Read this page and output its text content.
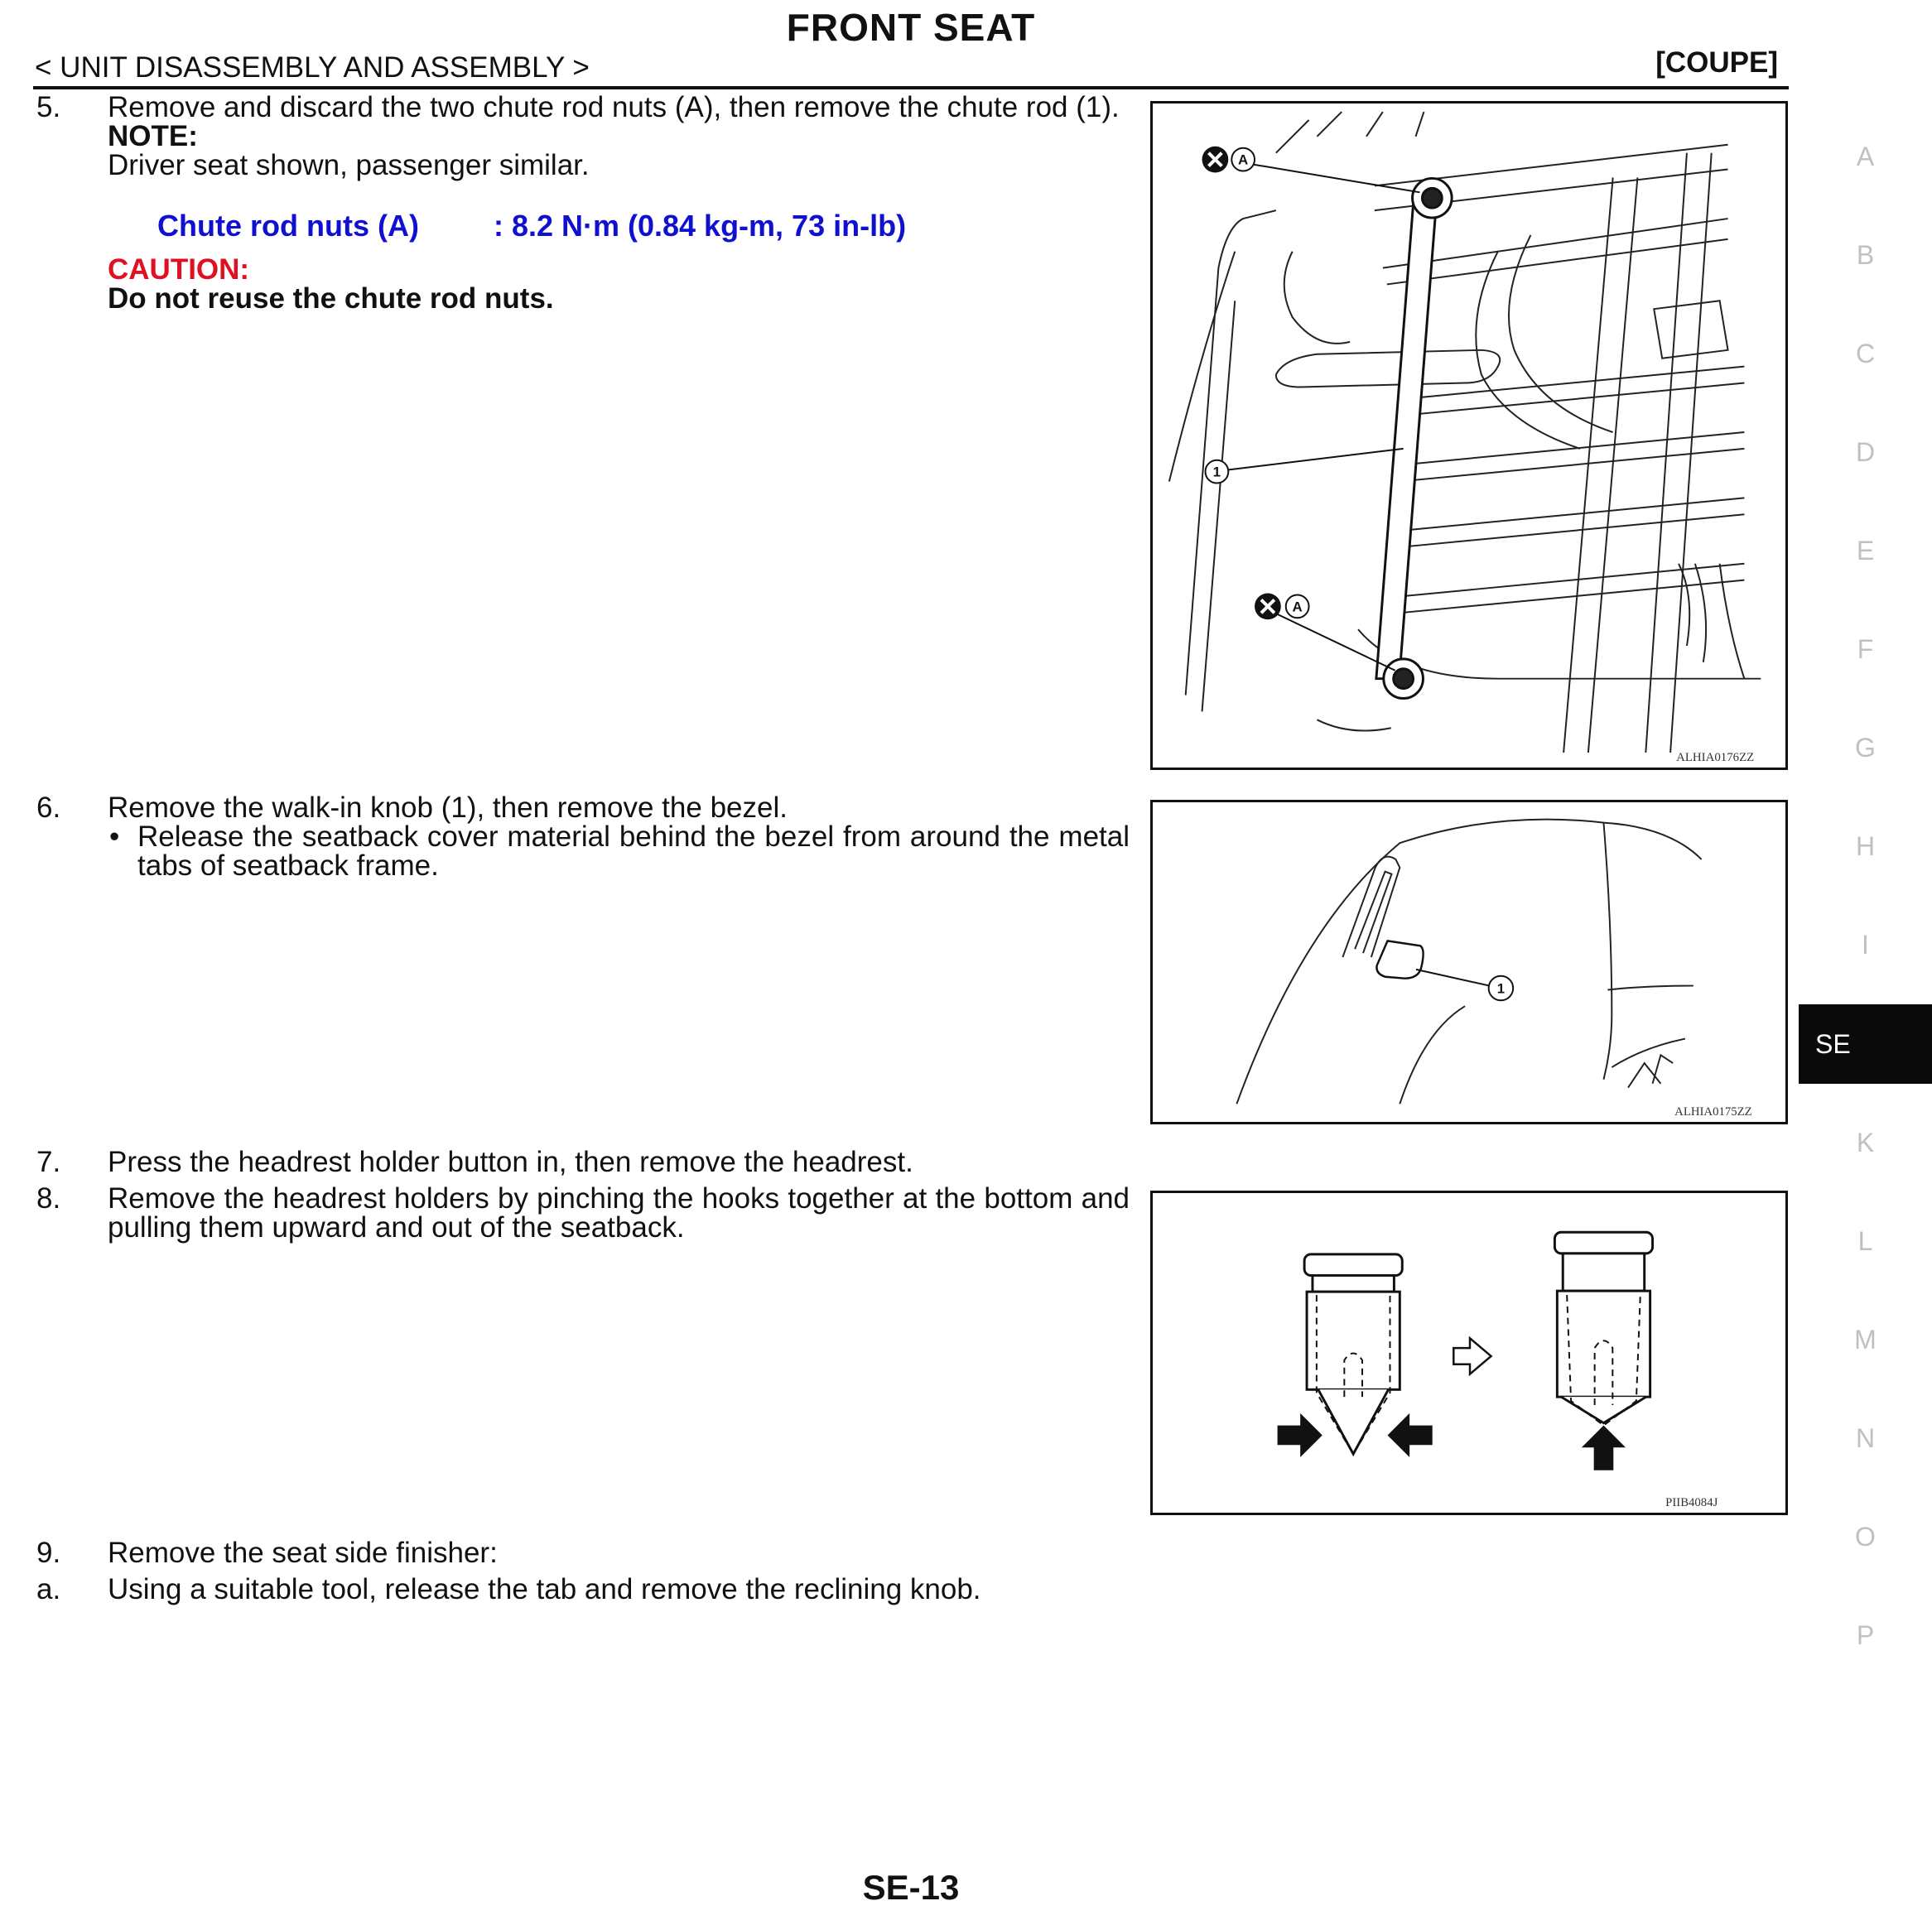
FRONT SEAT
< UNIT DISASSEMBLY AND ASSEMBLY >	[COUPE]
5. Remove and discard the two chute rod nuts (A), then remove the chute rod (1).
NOTE:
Driver seat shown, passenger similar.
Chute rod nuts (A)	: 8.2 N·m (0.84 kg-m, 73 in-lb)
CAUTION:
Do not reuse the chute rod nuts.
A
A
1
ALHIA0176ZZ
6. Remove the walk-in knob (1), then remove the bezel.
• Release the seatback cover material behind the bezel from around the metal tabs of seatback frame.
1
ALHIA0175ZZ
7. Press the headrest holder button in, then remove the headrest.
8. Remove the headrest holders by pinching the hooks together at the bottom and pulling them upward and out of the seatback.
PIIB4084J
9. Remove the seat side finisher:
a. Using a suitable tool, release the tab and remove the reclining knob.
A
B
C
D
E
F
G
H
I
SE
K
L
M
N
O
P
SE-13
